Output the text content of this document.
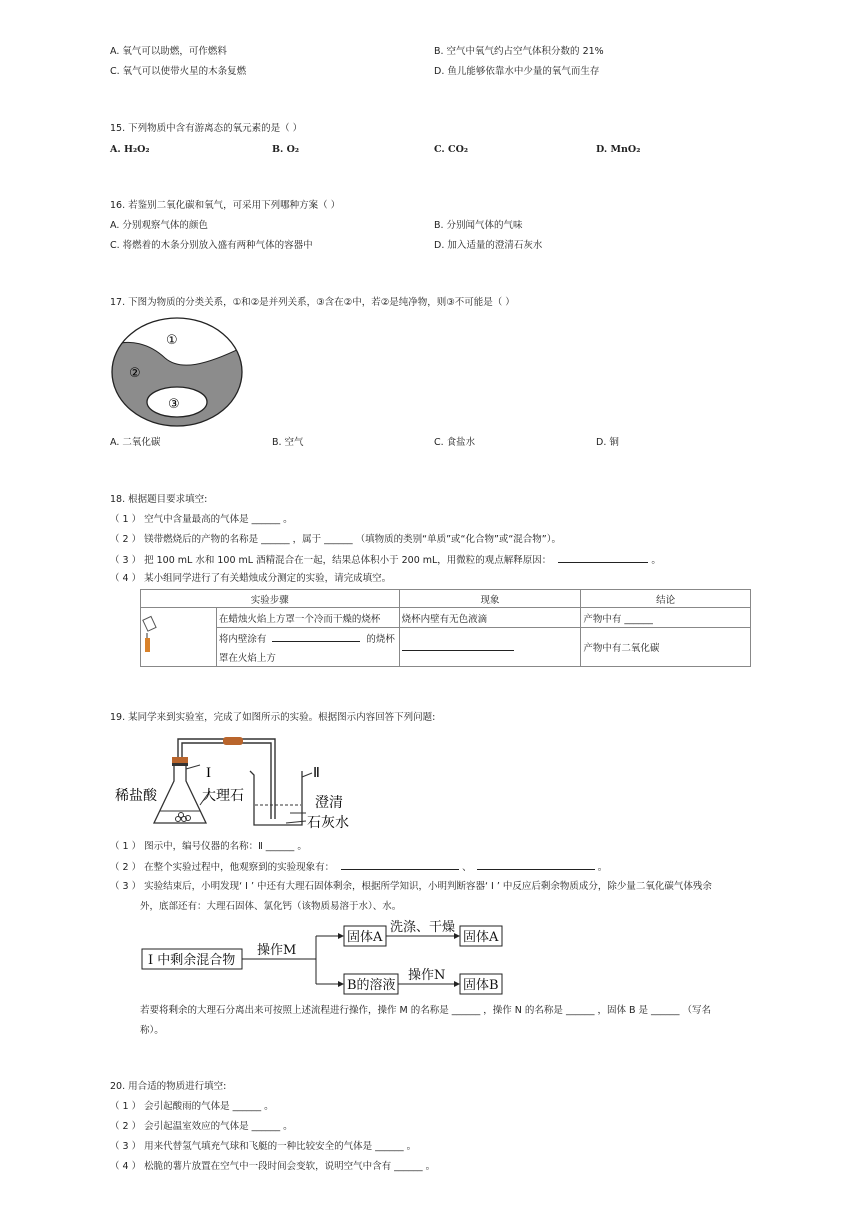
A. 氧气可以助燃，可作燃料	B. 空气中氧气约占空气体积分数的 21%
C. 氧气可以使带火星的木条复燃	D. 鱼儿能够依靠水中少量的氧气而生存
15. 下列物质中含有游离态的氧元素的是（ ）
A. H₂O₂	B. O₂	C. CO₂	D. MnO₂
16. 若鉴别二氧化碳和氧气，可采用下列哪种方案（ ）
A. 分别观察气体的颜色	B. 分别闻气体的气味
C. 将燃着的木条分别放入盛有两种气体的容器中	D. 加入适量的澄清石灰水
17. 下图为物质的分类关系，①和②是并列关系，③含在②中，若②是纯净物，则③不可能是（ ）
①
②
③
A. 二氧化碳	B. 空气	C. 食盐水	D. 铜
18. 根据题目要求填空:
（ 1 ） 空气中含量最高的气体是 ______ 。
（ 2 ） 镁带燃烧后的产物的名称是 ______ ，属于 ______ （填物质的类别“单质”或“化合物”或“混合物”）。
（ 3 ） 把 100 mL 水和 100 mL 酒精混合在一起，结果总体积小于 200 mL，用微粒的观点解释原因：	。
（ 4 ） 某小组同学进行了有关蜡烛成分测定的实验，请完成填空。
实验步骤		现象	结论
	在蜡烛火焰上方罩一个冷而干燥的烧杯	烧杯内壁有无色液滴	产物中有 ______
	将内壁涂有 的烧杯		产物中有二氧化碳
	罩在火焰上方		
19. 某同学来到实验室，完成了如图所示的实验。根据图示内容回答下列问题:
I	Ⅱ
稀盐酸	大理石	澄清
石灰水
（ 1 ） 图示中，编号仪器的名称：Ⅱ ______ 。
（ 2 ） 在整个实验过程中，他观察到的实验现象有：	、	。
（ 3 ） 实验结束后，小明发现‘ I ’ 中还有大理石固体剩余，根据所学知识，小明判断容器‘ I ’ 中反应后剩余物质成分，除少量二氧化碳气体残余
外，底部还有：大理石固体、氯化钙（该物质易溶于水）、水。
I 中剩余混合物
操作M
固体A
洗涤、干燥
固体A
B的溶液
操作N
固体B
若要将剩余的大理石分离出来可按照上述流程进行操作，操作 M 的名称是 ______ ，操作 N 的名称是 ______ ，固体 B 是 ______ （写名
称）。
20. 用合适的物质进行填空:
（ 1 ） 会引起酸雨的气体是 ______ 。
（ 2 ） 会引起温室效应的气体是 ______ 。
（ 3 ） 用来代替氢气填充气球和飞艇的一种比较安全的气体是 ______ 。
（ 4 ） 松脆的薯片放置在空气中一段时间会变软，说明空气中含有 ______ 。
